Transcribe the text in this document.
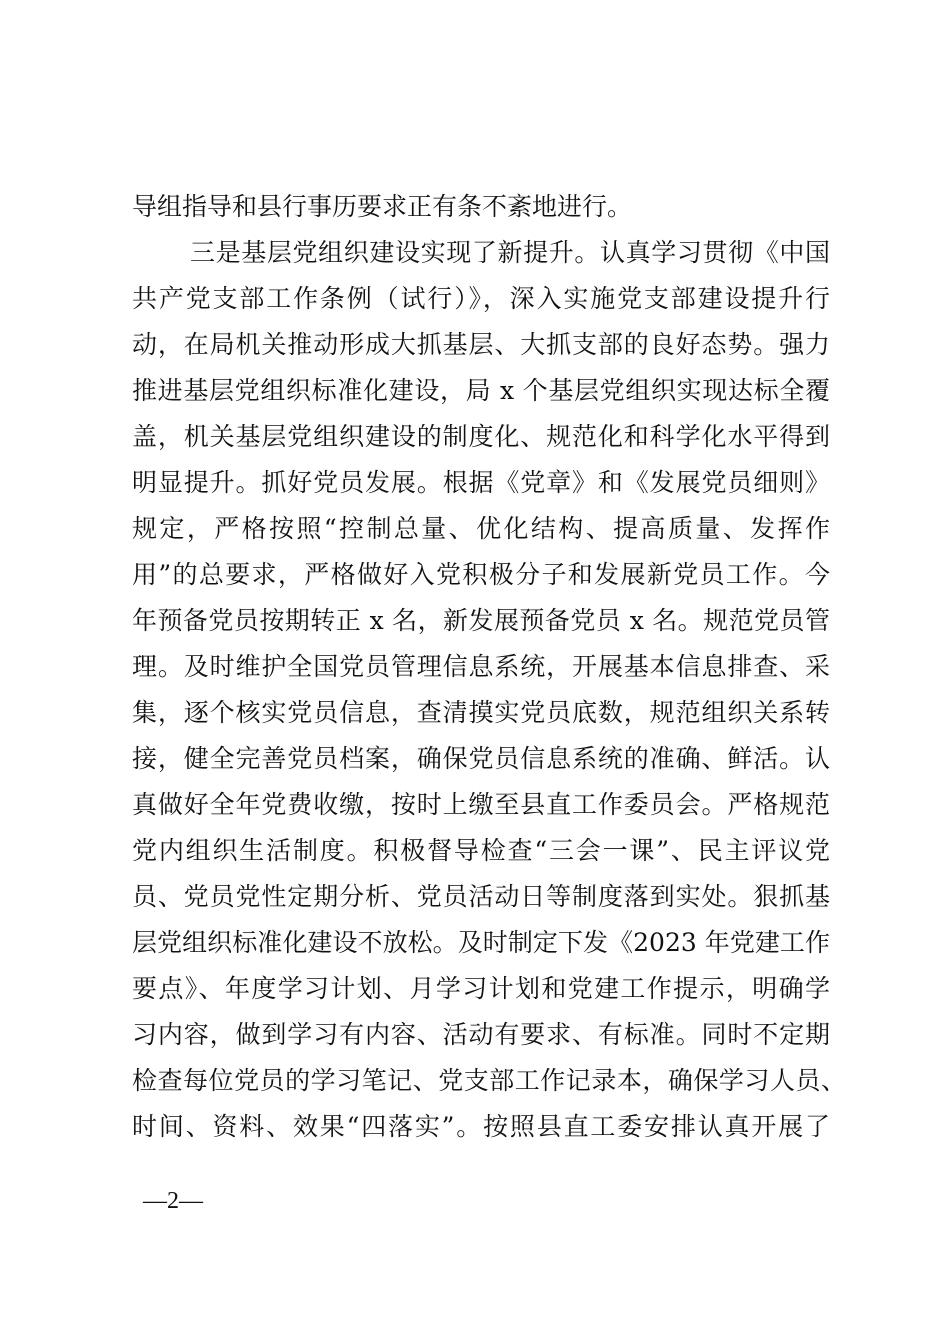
导组指导和县行事历要求正有条不紊地进行。
三是基层党组织建设实现了新提升。认真学习贯彻《中国
共产党支部工作条例（试行）》，深入实施党支部建设提升行
动，在局机关推动形成大抓基层、大抓支部的良好态势。强力
推进基层党组织标准化建设，局 x 个基层党组织实现达标全覆
盖，机关基层党组织建设的制度化、规范化和科学化水平得到
明显提升。抓好党员发展。根据《党章》和《发展党员细则》
规定，严格按照“控制总量、优化结构、提高质量、发挥作
用”的总要求，严格做好入党积极分子和发展新党员工作。今
年预备党员按期转正 x 名，新发展预备党员 x 名。规范党员管
理。及时维护全国党员管理信息系统，开展基本信息排查、采
集，逐个核实党员信息，查清摸实党员底数，规范组织关系转
接，健全完善党员档案，确保党员信息系统的准确、鲜活。认
真做好全年党费收缴，按时上缴至县直工作委员会。严格规范
党内组织生活制度。积极督导检查“三会一课”、民主评议党
员、党员党性定期分析、党员活动日等制度落到实处。狠抓基
层党组织标准化建设不放松。及时制定下发《2023 年党建工作
要点》、年度学习计划、月学习计划和党建工作提示，明确学
习内容，做到学习有内容、活动有要求、有标准。同时不定期
检查每位党员的学习笔记、党支部工作记录本，确保学习人员、
时间、资料、效果“四落实”。按照县直工委安排认真开展了
—2—
